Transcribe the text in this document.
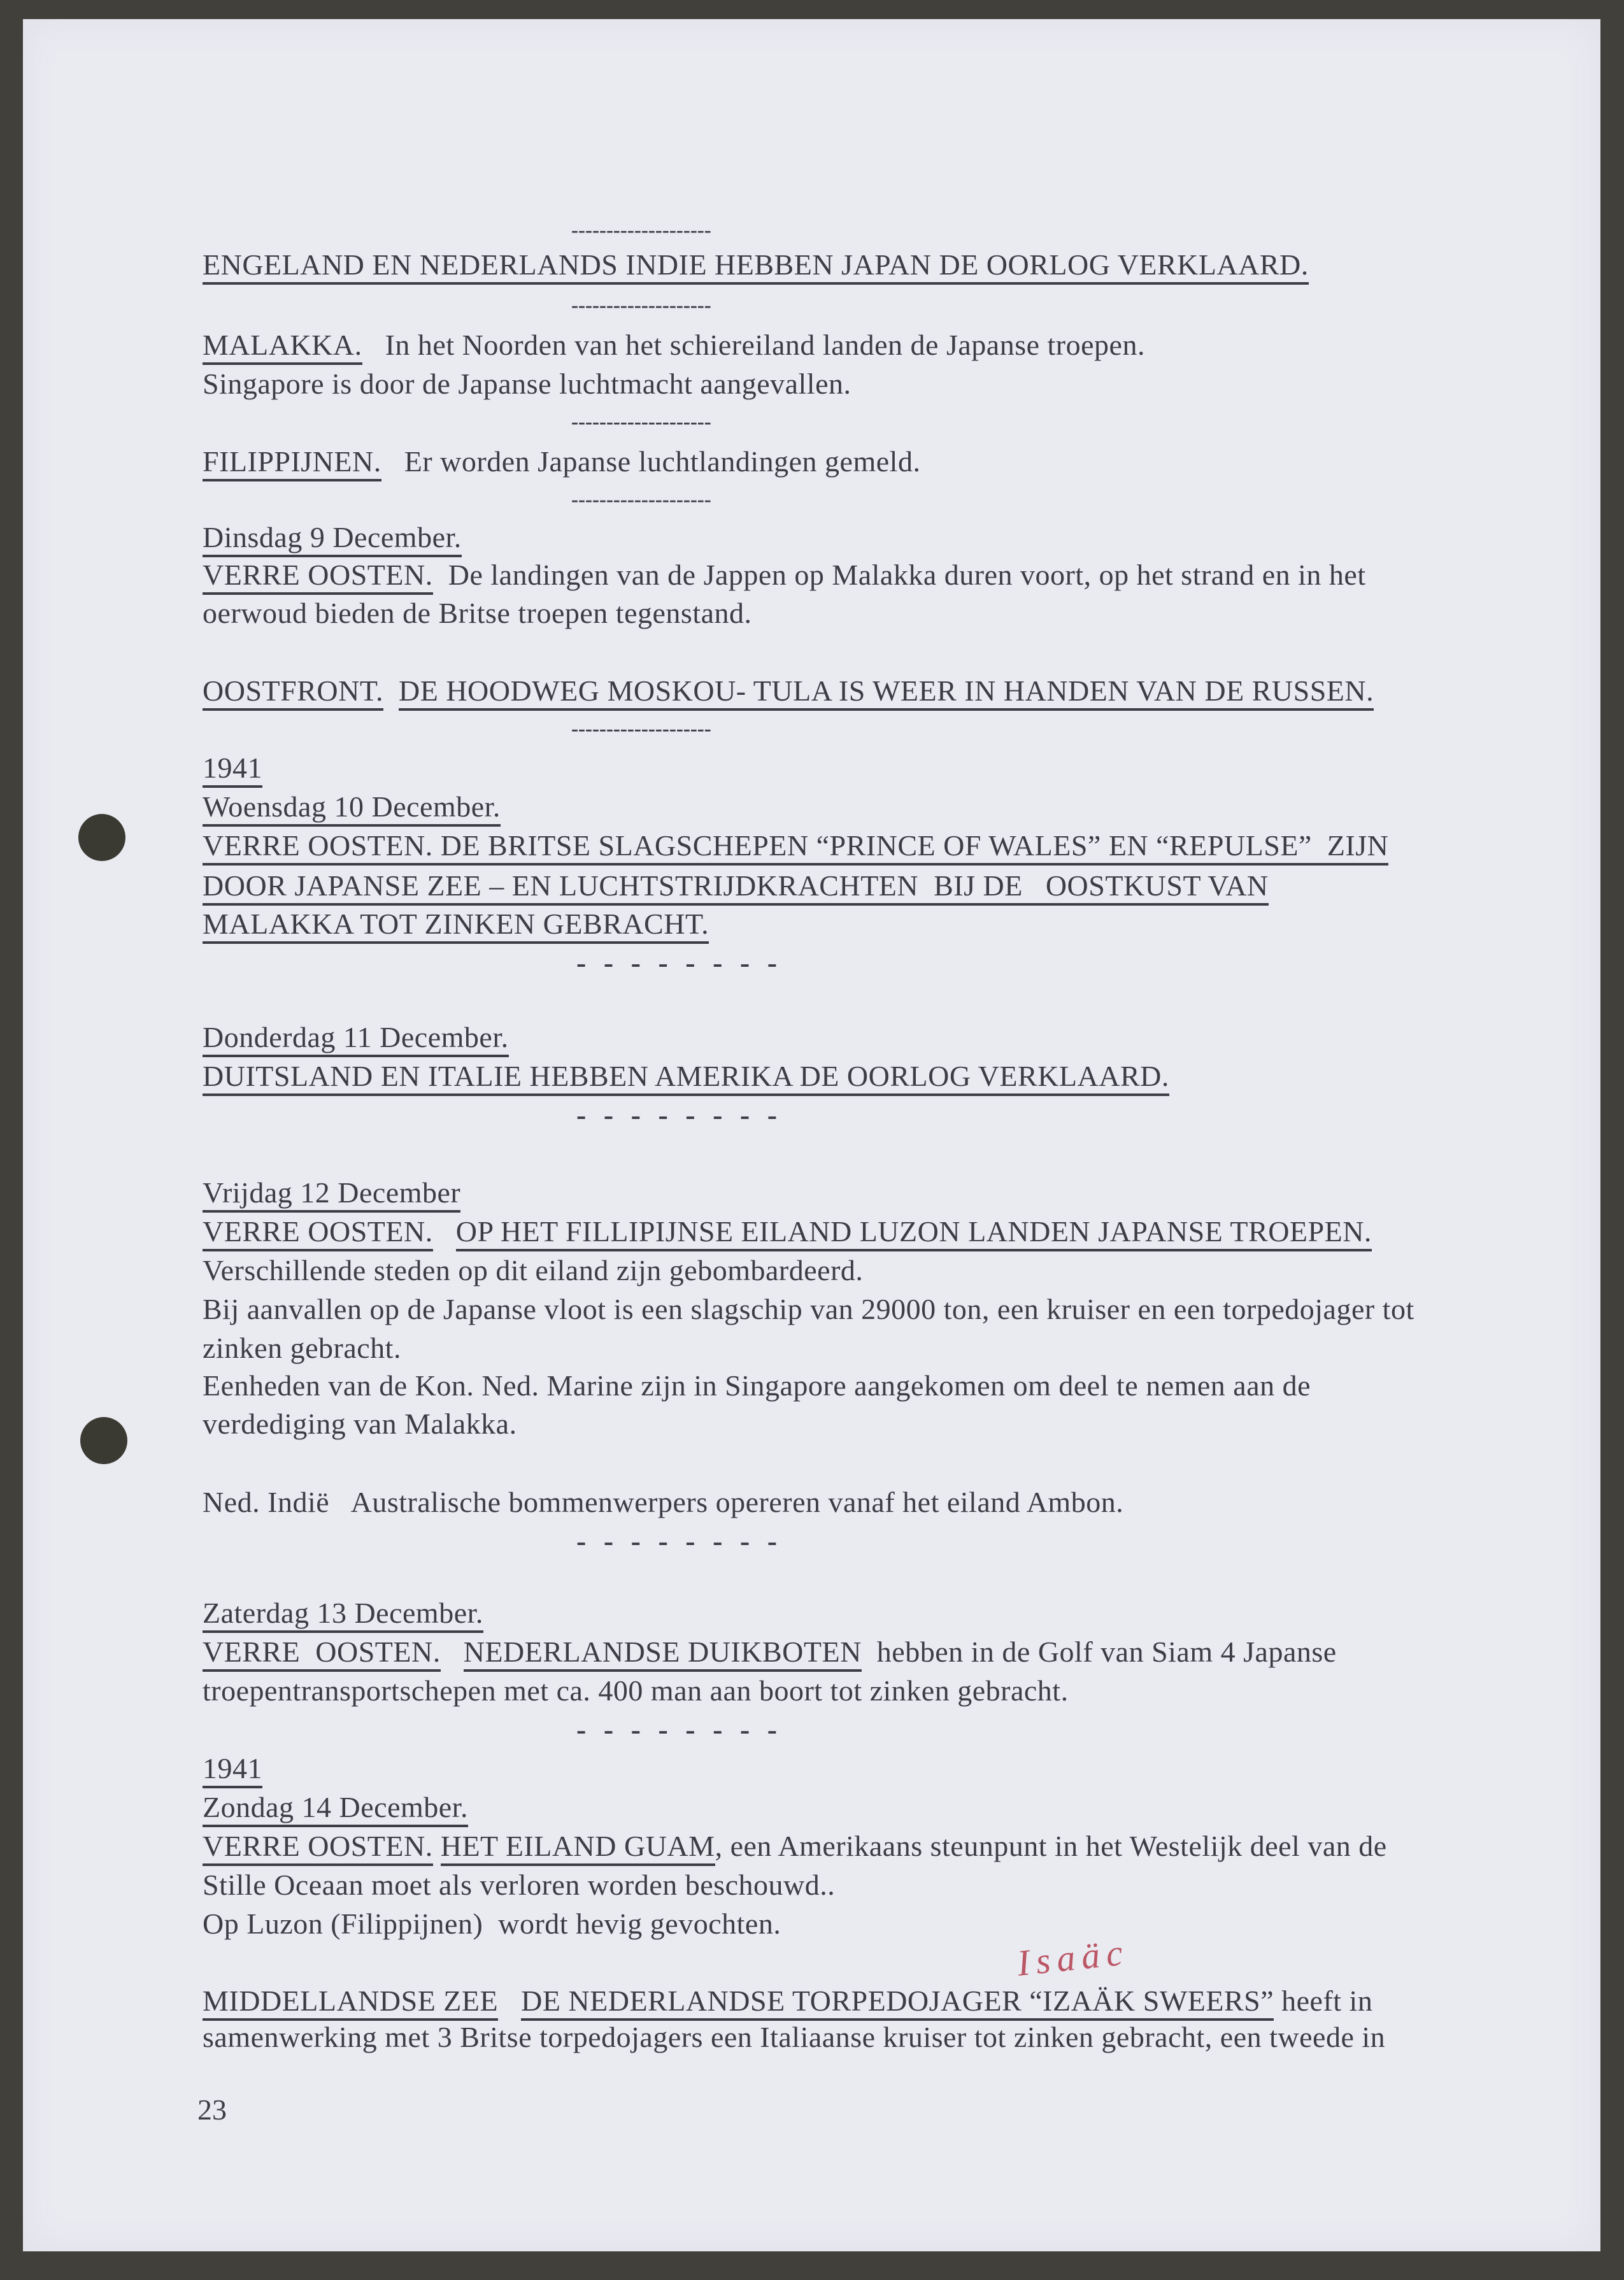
--------------------
ENGELAND EN NEDERLANDS INDIE HEBBEN JAPAN DE OORLOG VERKLAARD.
--------------------
MALAKKA.   In het Noorden van het schiereiland landen de Japanse troepen.
Singapore is door de Japanse luchtmacht aangevallen.
--------------------
FILIPPIJNEN.   Er worden Japanse luchtlandingen gemeld.
--------------------
Dinsdag 9 December.
VERRE OOSTEN.  De landingen van de Jappen op Malakka duren voort, op het strand en in het
oerwoud bieden de Britse troepen tegenstand.
OOSTFRONT. DE HOODWEG MOSKOU- TULA IS WEER IN HANDEN VAN DE RUSSEN.
--------------------
1941
Woensdag 10 December.
VERRE OOSTEN. DE BRITSE SLAGSCHEPEN “PRINCE OF WALES” EN “REPULSE”  ZIJN
DOOR JAPANSE ZEE – EN LUCHTSTRIJDKRACHTEN  BIJ DE   OOSTKUST VAN
MALAKKA TOT ZINKEN GEBRACHT.
- - - - - - - -
Donderdag 11 December.
DUITSLAND EN ITALIE HEBBEN AMERIKA DE OORLOG VERKLAARD.
- - - - - - - -
Vrijdag 12 December
VERRE OOSTEN. OP HET FILLIPIJNSE EILAND LUZON LANDEN JAPANSE TROEPEN.
Verschillende steden op dit eiland zijn gebombardeerd.
Bij aanvallen op de Japanse vloot is een slagschip van 29000 ton, een kruiser en een torpedojager tot
zinken gebracht.
Eenheden van de Kon. Ned. Marine zijn in Singapore aangekomen om deel te nemen aan de
verdediging van Malakka.
Ned. Indië   Australische bommenwerpers opereren vanaf het eiland Ambon.
- - - - - - - -
Zaterdag 13 December.
VERRE  OOSTEN. NEDERLANDSE DUIKBOTEN  hebben in de Golf van Siam 4 Japanse
troepentransportschepen met ca. 400 man aan boort tot zinken gebracht.
- - - - - - - -
1941
Zondag 14 December.
VERRE OOSTEN. HET EILAND GUAM, een Amerikaans steunpunt in het Westelijk deel van de
Stille Oceaan moet als verloren worden beschouwd..
Op Luzon (Filippijnen)  wordt hevig gevochten.
MIDDELLANDSE ZEE DE NEDERLANDSE TORPEDOJAGER “IZAÄK SWEERS” heeft in
samenwerking met 3 Britse torpedojagers een Italiaanse kruiser tot zinken gebracht, een tweede in
Isaäc
23
